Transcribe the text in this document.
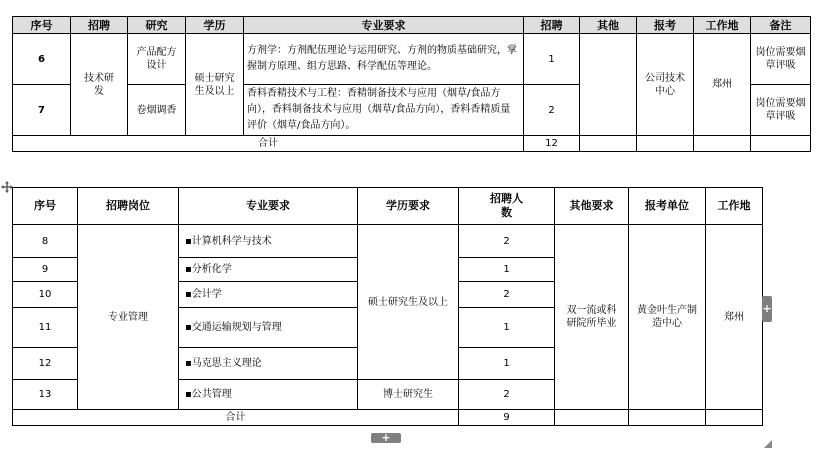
序号	招聘	研究	学历	专业要求	招聘	其他	报考	工作地	备注
6	技术研发	产品配方设计	硕士研究生及以上	方剂学：方剂配伍理论与运用研究、方剂的物质基础研究，掌握制方原理、组方思路、科学配伍等理论。	1		公司技术中心	郑州	岗位需要烟草评吸
7		卷烟调香		香料香精技术与工程：香精制备技术与应用（烟草/食品方向），香料制备技术与应用（烟草/食品方向），香料香精质量评价（烟草/食品方向）。	2				岗位需要烟草评吸
合计					12				
序号	招聘岗位	专业要求	学历要求	招聘人数	其他要求	报考单位	工作地
8	专业管理	▪计算机科学与技术	硕士研究生及以上	2	双一流或科研院所毕业	黄金叶生产制造中心	郑州
9		▪分析化学		1			
10		▪会计学		2			
11		▪交通运输规划与管理		1			
12		▪马克思主义理论		1			
13		▪公共管理	博士研究生	2			
合计				9			
+
+
